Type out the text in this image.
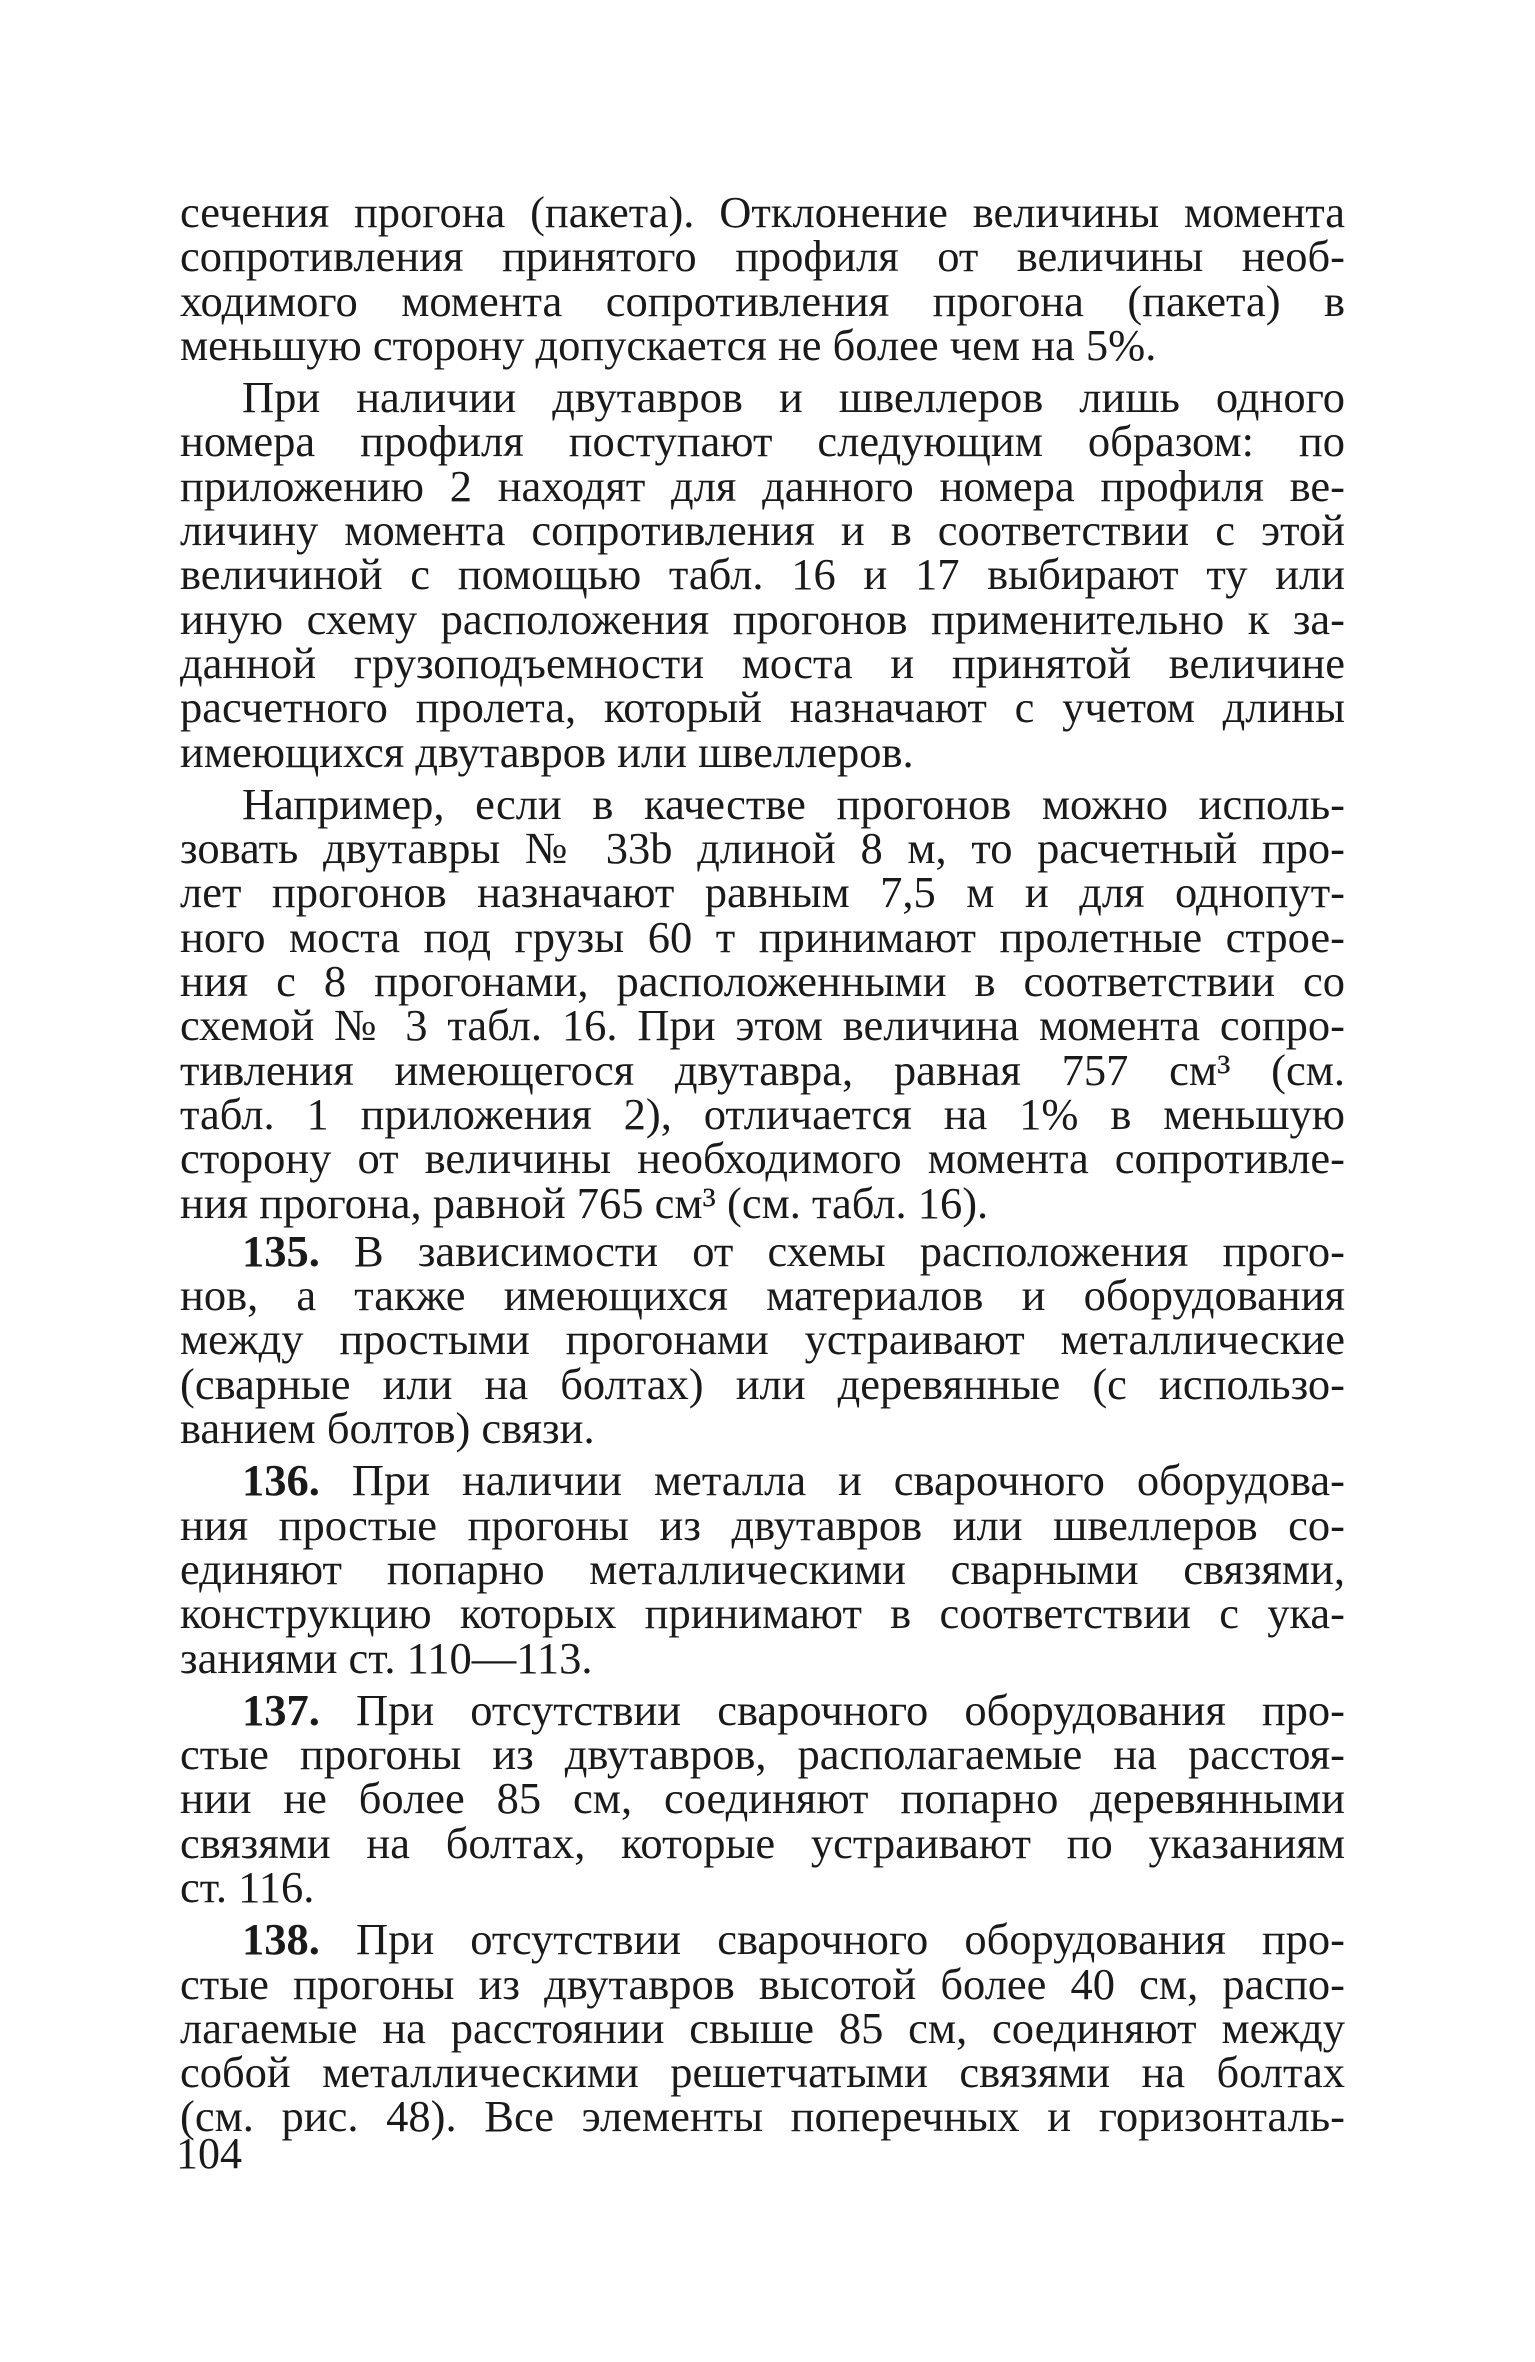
сечения прогона (пакета). Отклонение величины момента
сопротивления принятого профиля от величины необ-
ходимого момента сопротивления прогона (пакета) в
меньшую сторону допускается не более чем на 5%.
При наличии двутавров и швеллеров лишь одного
номера профиля поступают следующим образом: по
приложению 2 находят для данного номера профиля ве-
личину момента сопротивления и в соответствии с этой
величиной с помощью табл. 16 и 17 выбирают ту или
иную схему расположения прогонов применительно к за-
данной грузоподъемности моста и принятой величине
расчетного пролета, который назначают с учетом длины
имеющихся двутавров или швеллеров.
Например, если в качестве прогонов можно исполь-
зовать двутавры № 33b длиной 8 м, то расчетный про-
лет прогонов назначают равным 7,5 м и для однопут-
ного моста под грузы 60 т принимают пролетные строе-
ния с 8 прогонами, расположенными в соответствии со
схемой № 3 табл. 16. При этом величина момента сопро-
тивления имеющегося двутавра, равная 757 см³ (см.
табл. 1 приложения 2), отличается на 1% в меньшую
сторону от величины необходимого момента сопротивле-
ния прогона, равной 765 см³ (см. табл. 16).
135. В зависимости от схемы расположения прого-
нов, а также имеющихся материалов и оборудования
между простыми прогонами устраивают металлические
(сварные или на болтах) или деревянные (с использо-
ванием болтов) связи.
136. При наличии металла и сварочного оборудова-
ния простые прогоны из двутавров или швеллеров со-
единяют попарно металлическими сварными связями,
конструкцию которых принимают в соответствии с ука-
заниями ст. 110—113.
137. При отсутствии сварочного оборудования про-
стые прогоны из двутавров, располагаемые на расстоя-
нии не более 85 см, соединяют попарно деревянными
связями на болтах, которые устраивают по указаниям
ст. 116.
138. При отсутствии сварочного оборудования про-
стые прогоны из двутавров высотой более 40 см, распо-
лагаемые на расстоянии свыше 85 см, соединяют между
собой металлическими решетчатыми связями на болтах
(см. рис. 48). Все элементы поперечных и горизонталь-
104
